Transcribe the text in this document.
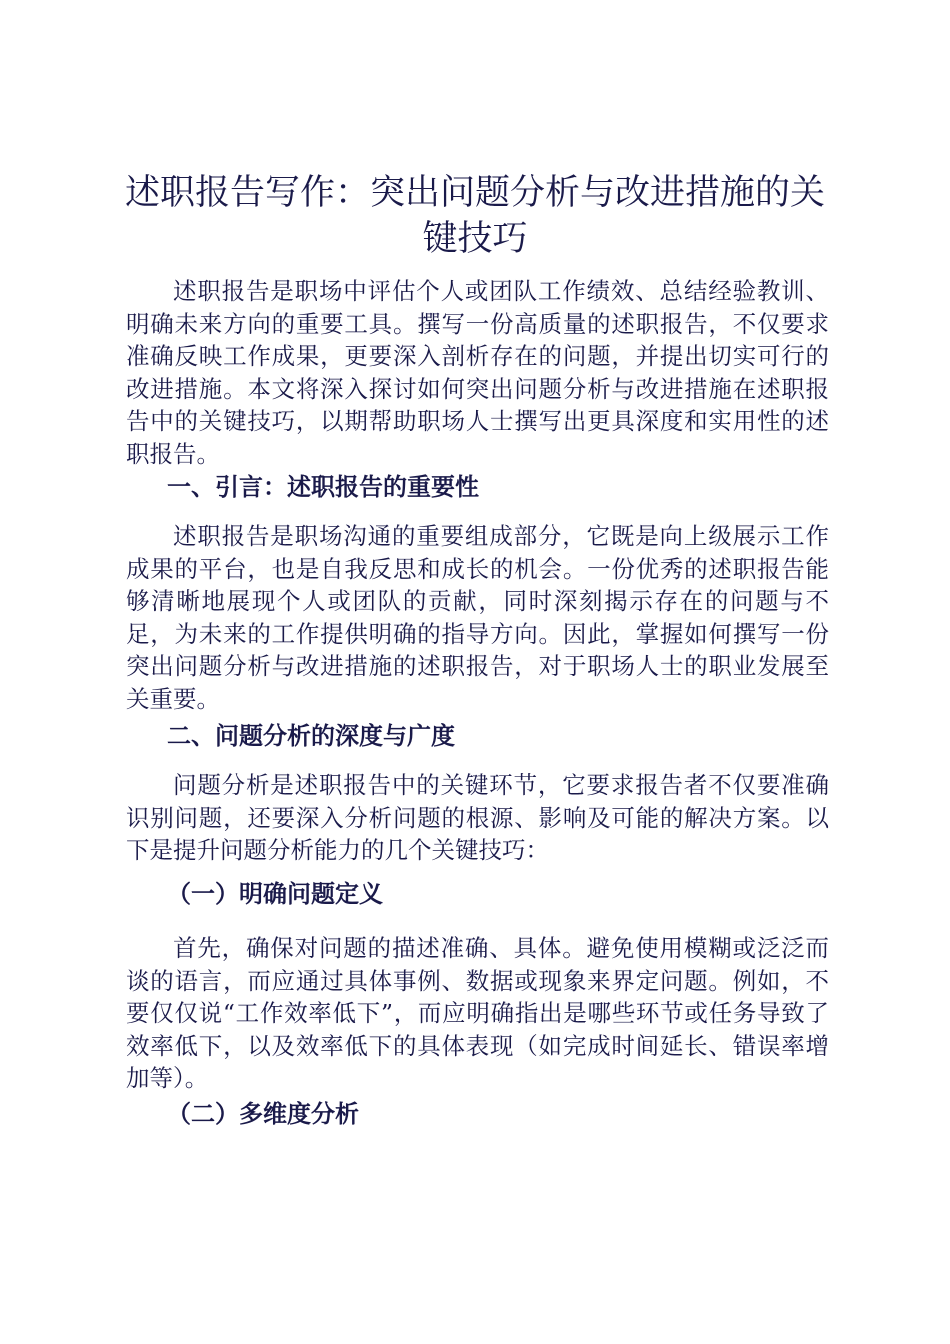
述职报告写作：突出问题分析与改进措施的关键技巧

述职报告是职场中评估个人或团队工作绩效、总结经验教训、明确未来方向的重要工具。撰写一份高质量的述职报告，不仅要求准确反映工作成果，更要深入剖析存在的问题，并提出切实可行的改进措施。本文将深入探讨如何突出问题分析与改进措施在述职报告中的关键技巧，以期帮助职场人士撰写出更具深度和实用性的述职报告。

一、引言：述职报告的重要性

述职报告是职场沟通的重要组成部分，它既是向上级展示工作成果的平台，也是自我反思和成长的机会。一份优秀的述职报告能够清晰地展现个人或团队的贡献，同时深刻揭示存在的问题与不足，为未来的工作提供明确的指导方向。因此，掌握如何撰写一份突出问题分析与改进措施的述职报告，对于职场人士的职业发展至关重要。

二、问题分析的深度与广度

问题分析是述职报告中的关键环节，它要求报告者不仅要准确识别问题，还要深入分析问题的根源、影响及可能的解决方案。以下是提升问题分析能力的几个关键技巧：

（一）明确问题定义

首先，确保对问题的描述准确、具体。避免使用模糊或泛泛而谈的语言，而应通过具体事例、数据或现象来界定问题。例如，不要仅仅说“工作效率低下”，而应明确指出是哪些环节或任务导致了效率低下，以及效率低下的具体表现（如完成时间延长、错误率增加等）。

（二）多维度分析
